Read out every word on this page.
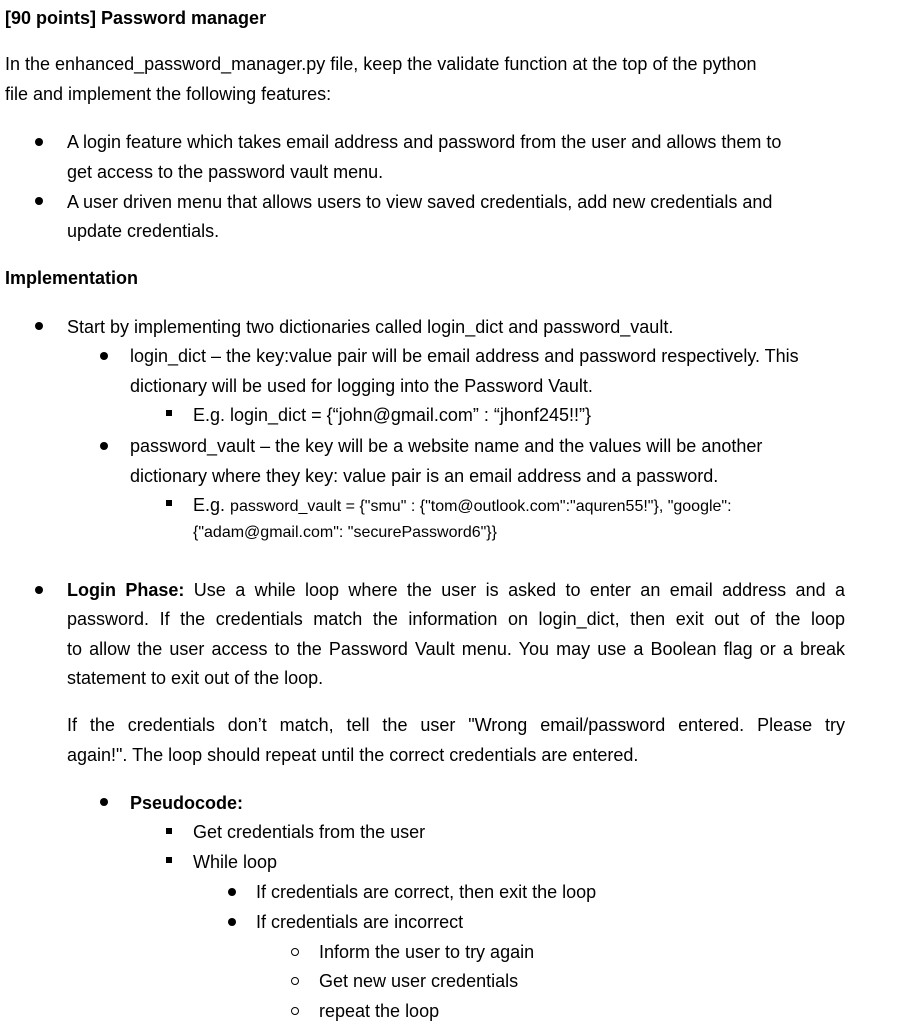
[90 points] Password manager
In the enhanced_password_manager.py file, keep the validate function at the top of the python
file and implement the following features:
A login feature which takes email address and password from the user and allows them to
get access to the password vault menu.
A user driven menu that allows users to view saved credentials, add new credentials and
update credentials.
Implementation
Start by implementing two dictionaries called login_dict and password_vault.
login_dict – the key:value pair will be email address and password respectively. This
dictionary will be used for logging into the Password Vault.
E.g. login_dict = {“john@gmail.com” : “jhonf245!!”}
password_vault – the key will be a website name and the values will be another
dictionary where they key: value pair is an email address and a password.
E.g. password_vault = {"smu" : {"tom@outlook.com":"aquren55!"}, "google":
{"adam@gmail.com": "securePassword6"}}
Login Phase: Use a while loop where the user is asked to enter an email address and a
password. If the credentials match the information on login_dict, then exit out of the loop
to allow the user access to the Password Vault menu. You may use a Boolean flag or a break
statement to exit out of the loop.
If the credentials don’t match, tell the user "Wrong email/password entered. Please try
again!". The loop should repeat until the correct credentials are entered.
Pseudocode:
Get credentials from the user
While loop
If credentials are correct, then exit the loop
If credentials are incorrect
Inform the user to try again
Get new user credentials
repeat the loop
